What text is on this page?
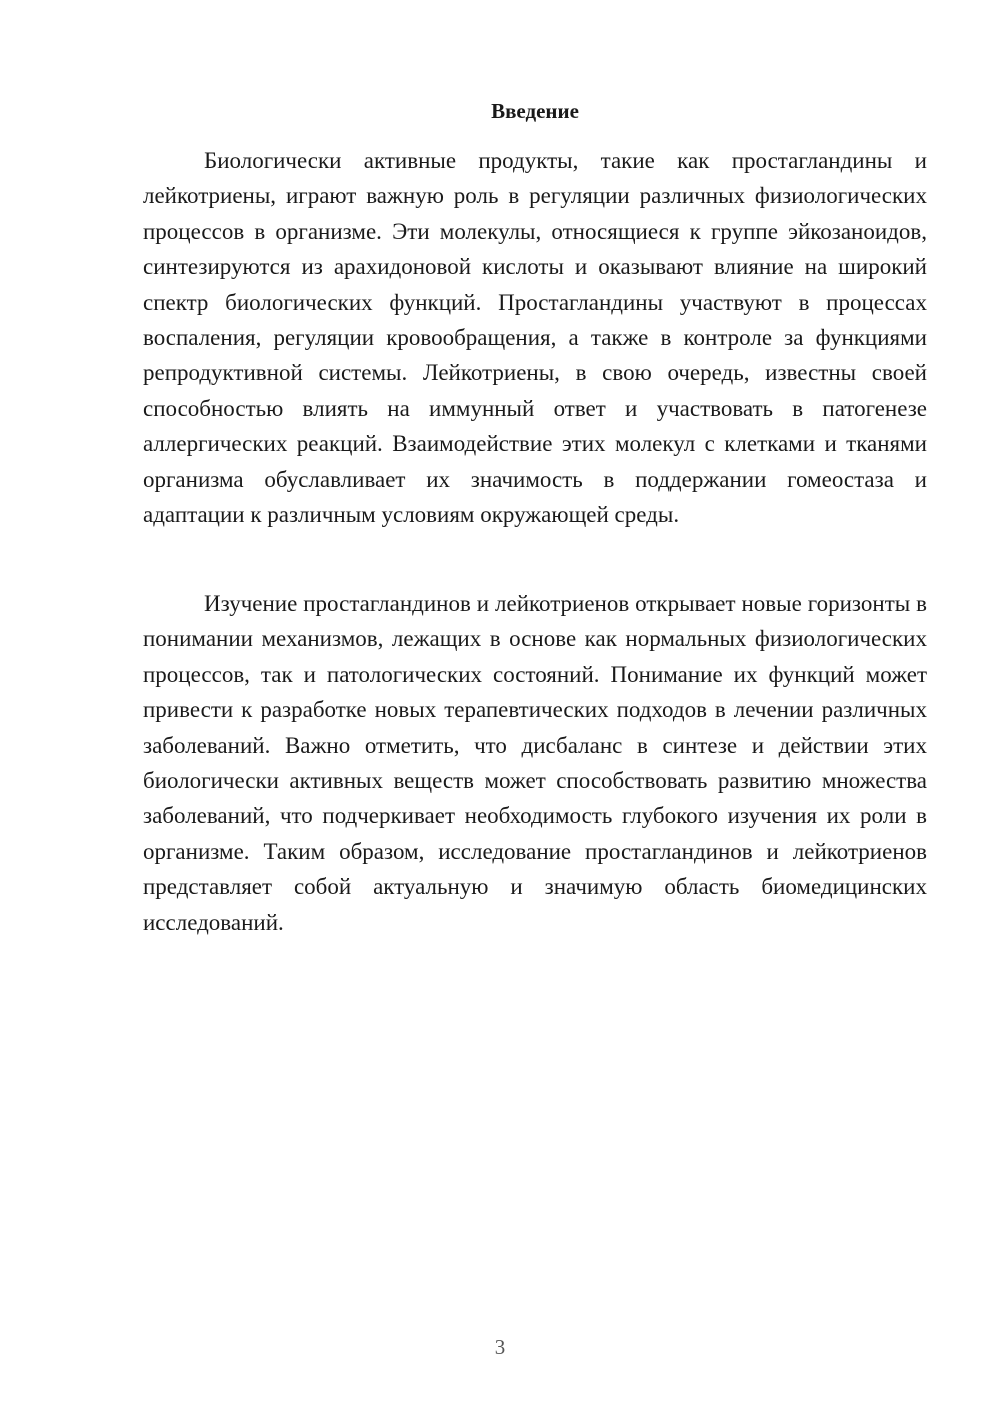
Введение

Биологически активные продукты, такие как простагландины и лейкотриены, играют важную роль в регуляции различных физиологических процессов в организме. Эти молекулы, относящиеся к группе эйкозаноидов, синтезируются из арахидоновой кислоты и оказывают влияние на широкий спектр биологических функций. Простагландины участвуют в процессах воспаления, регуляции кровообращения, а также в контроле за функциями репродуктивной системы. Лейкотриены, в свою очередь, известны своей способностью влиять на иммунный ответ и участвовать в патогенезе аллергических реакций. Взаимодействие этих молекул с клетками и тканями организма обуславливает их значимость в поддержании гомеостаза и адаптации к различным условиям окружающей среды.

Изучение простагландинов и лейкотриенов открывает новые горизонты в понимании механизмов, лежащих в основе как нормальных физиологических процессов, так и патологических состояний. Понимание их функций может привести к разработке новых терапевтических подходов в лечении различных заболеваний. Важно отметить, что дисбаланс в синтезе и действии этих биологически активных веществ может способствовать развитию множества заболеваний, что подчеркивает необходимость глубокого изучения их роли в организме. Таким образом, исследование простагландинов и лейкотриенов представляет собой актуальную и значимую область биомедицинских исследований.

3
